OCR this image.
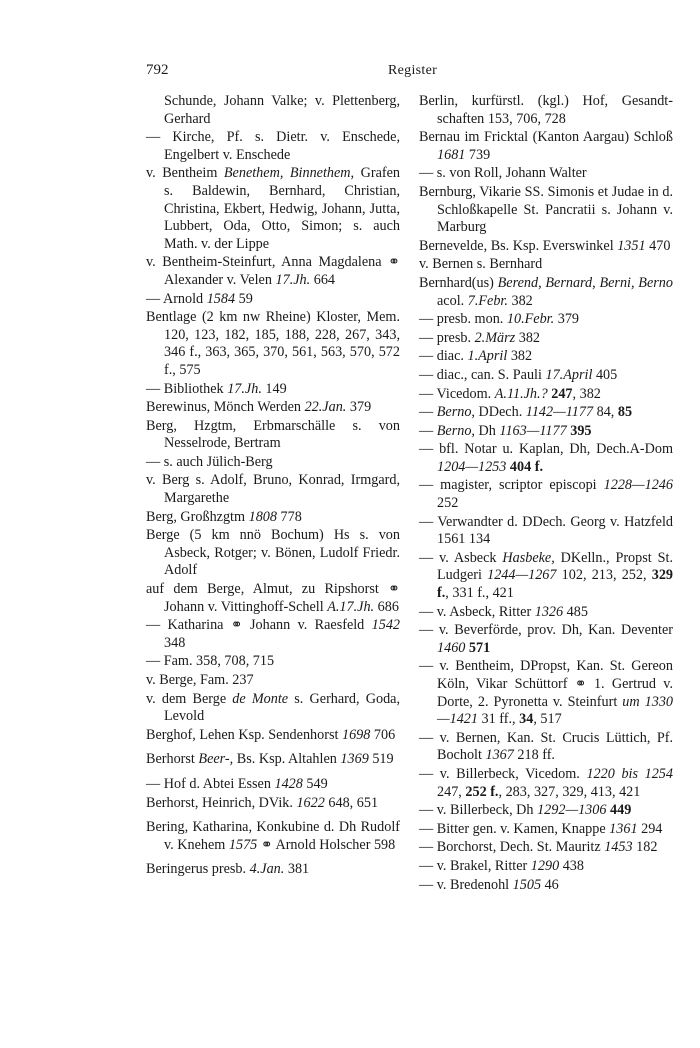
792	Register
Schunde, Johann Valke; v. Plettenberg, Gerhard
— Kirche, Pf. s. Dietr. v. Enschede, Engelbert v. Enschede
v. Bentheim Benethem, Binnethem, Grafen s. Baldewin, Bernhard, Christian, Christina, Ekbert, Hedwig, Johann, Jutta, Lubbert, Oda, Otto, Simon; s. auch Math. v. der Lippe
v. Bentheim-Steinfurt, Anna Magdalena ⚭ Alexander v. Velen 17.Jh. 664
— Arnold 1584 59
Bentlage (2 km nw Rheine) Kloster, Mem. 120, 123, 182, 185, 188, 228, 267, 343, 346 f., 363, 365, 370, 561, 563, 570, 572 f., 575
— Bibliothek 17.Jh. 149
Berewinus, Mönch Werden 22.Jan. 379
Berg, Hzgtm, Erbmarschälle s. von Nesselrode, Bertram
— s. auch Jülich-Berg
v. Berg s. Adolf, Bruno, Konrad, Irmgard, Margarethe
Berg, Großhzgtm 1808 778
Berge (5 km nnö Bochum) Hs s. von Asbeck, Rotger; v. Bönen, Ludolf Friedr. Adolf
auf dem Berge, Almut, zu Ripshorst ⚭ Johann v. Vittinghoff-Schell A.17.Jh. 686
— Katharina ⚭ Johann v. Raesfeld 1542 348
— Fam. 358, 708, 715
v. Berge, Fam. 237
v. dem Berge de Monte s. Gerhard, Goda, Levold
Berghof, Lehen Ksp. Sendenhorst 1698 706
Berhorst Beer-, Bs. Ksp. Altahlen 1369 519
— Hof d. Abtei Essen 1428 549
Berhorst, Heinrich, DVik. 1622 648, 651
Bering, Katharina, Konkubine d. Dh Rudolf v. Knehem 1575 ⚭ Arnold Holscher 598
Beringerus presb. 4.Jan. 381
Berlin, kurfürstl. (kgl.) Hof, Gesandtschaften 153, 706, 728
Bernau im Fricktal (Kanton Aargau) Schloß 1681 739
— s. von Roll, Johann Walter
Bernburg, Vikarie SS. Simonis et Judae in d. Schloßkapelle St. Pancratii s. Johann v. Marburg
Bernevelde, Bs. Ksp. Everswinkel 1351 470
v. Bernen s. Bernhard
Bernhard(us) Berend, Bernard, Berni, Berno acol. 7.Febr. 382
— presb. mon. 10.Febr. 379
— presb. 2.März 382
— diac. 1.April 382
— diac., can. S. Pauli 17.April 405
— Vicedom. A.11.Jh.? 247, 382
— Berno, DDech. 1142—1177 84, 85
— Berno, Dh 1163—1177 395
— bfl. Notar u. Kaplan, Dh, Dech.A-Dom 1204—1253 404 f.
— magister, scriptor episcopi 1228—1246 252
— Verwandter d. DDech. Georg v. Hatzfeld 1561 134
— v. Asbeck Hasbeke, DKelln., Propst St. Ludgeri 1244—1267 102, 213, 252, 329 f., 331 f., 421
— v. Asbeck, Ritter 1326 485
— v. Beverförde, prov. Dh, Kan. Deventer 1460 571
— v. Bentheim, DPropst, Kan. St. Gereon Köln, Vikar Schüttorf ⚭ 1. Gertrud v. Dorte, 2. Pyronetta v. Steinfurt um 1330—1421 31 ff., 34, 517
— v. Bernen, Kan. St. Crucis Lüttich, Pf. Bocholt 1367 218 ff.
— v. Billerbeck, Vicedom. 1220 bis 1254 247, 252 f., 283, 327, 329, 413, 421
— v. Billerbeck, Dh 1292—1306 449
— Bitter gen. v. Kamen, Knappe 1361 294
— Borchorst, Dech. St. Mauritz 1453 182
— v. Brakel, Ritter 1290 438
— v. Bredenohl 1505 46
